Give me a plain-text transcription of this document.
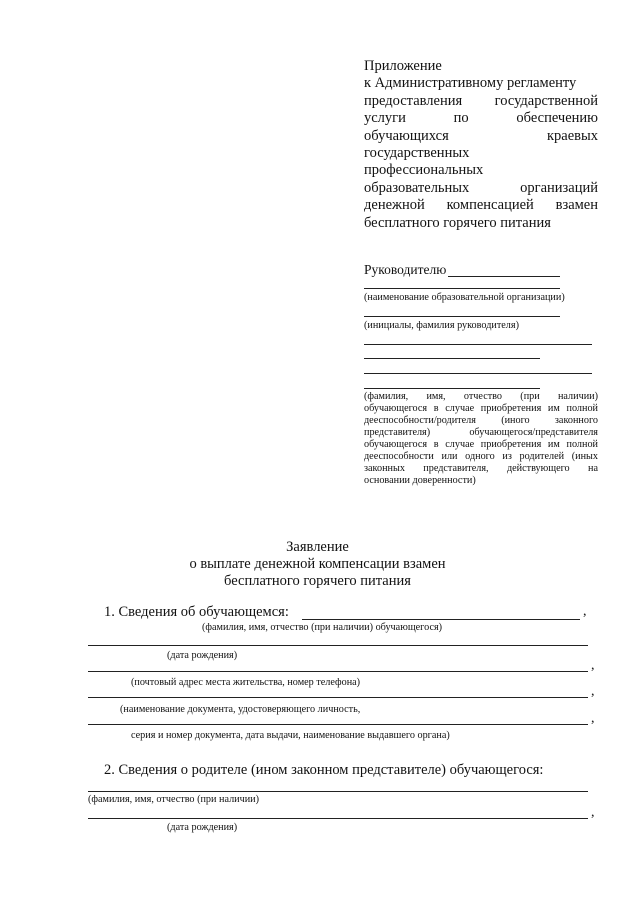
Приложение
к Административному регламенту
предоставления государственной
услуги по обеспечению
обучающихся краевых
государственных
профессиональных
образовательных организаций
денежной компенсацией взамен
бесплатного горячего питания
Руководителю
(наименование образовательной организации)
(инициалы, фамилия руководителя)
(фамилия, имя, отчество (при наличии) обучающегося в случае приобретения им полной дееспособности/родителя (иного законного представителя) обучающегося/представителя обучающегося в случае приобретения им полной дееспособности или одного из родителей (иных законных представителя, действующего на основании доверенности)
Заявление
о выплате денежной компенсации взамен
бесплатного горячего питания
1. Сведения об обучающемся:	,
(фамилия, имя, отчество (при наличии) обучающегося)
(дата рождения)
,
(почтовый адрес места жительства, номер телефона)
,
(наименование документа, удостоверяющего личность,
,
серия и номер документа, дата выдачи, наименование выдавшего органа)
2. Сведения о родителе (ином законном представителе) обучающегося:
(фамилия, имя, отчество (при наличии)
,
(дата рождения)
